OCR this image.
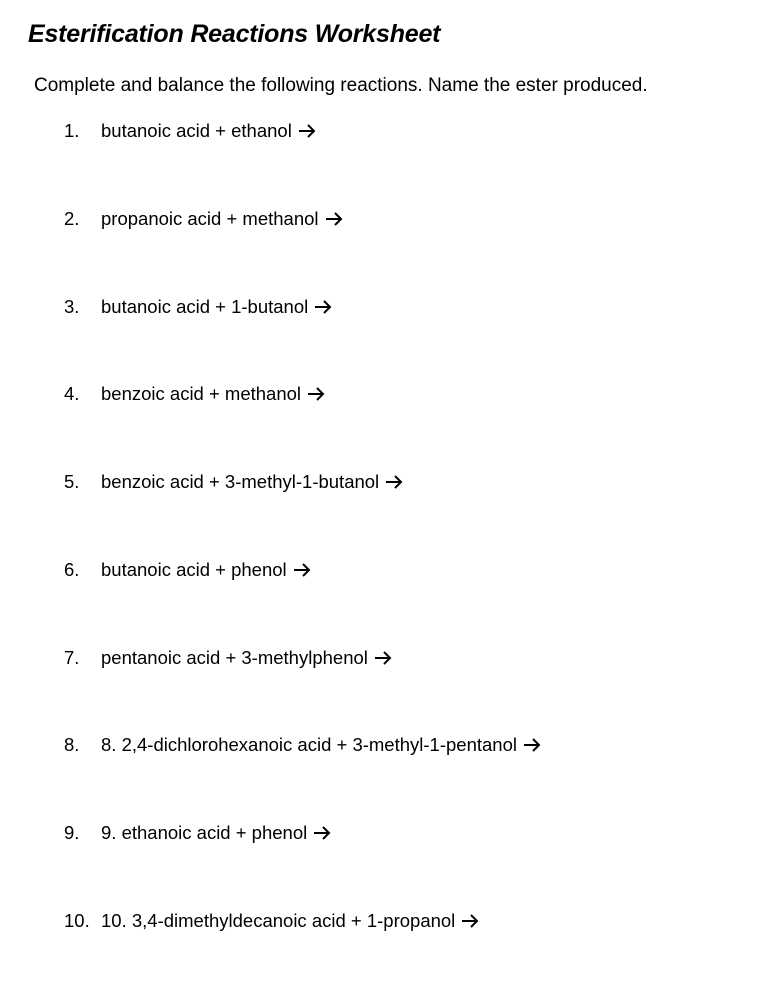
Esterification Reactions Worksheet
Complete and balance the following reactions. Name the ester produced.
1. butanoic acid + ethanol
2. propanoic acid + methanol
3. butanoic acid + 1-butanol
4. benzoic acid + methanol
5. benzoic acid + 3-methyl-1-butanol
6. butanoic acid + phenol
7. pentanoic acid + 3-methylphenol
8. 8. 2,4-dichlorohexanoic acid + 3-methyl-1-pentanol
9. 9. ethanoic acid + phenol
10. 10. 3,4-dimethyldecanoic acid + 1-propanol
